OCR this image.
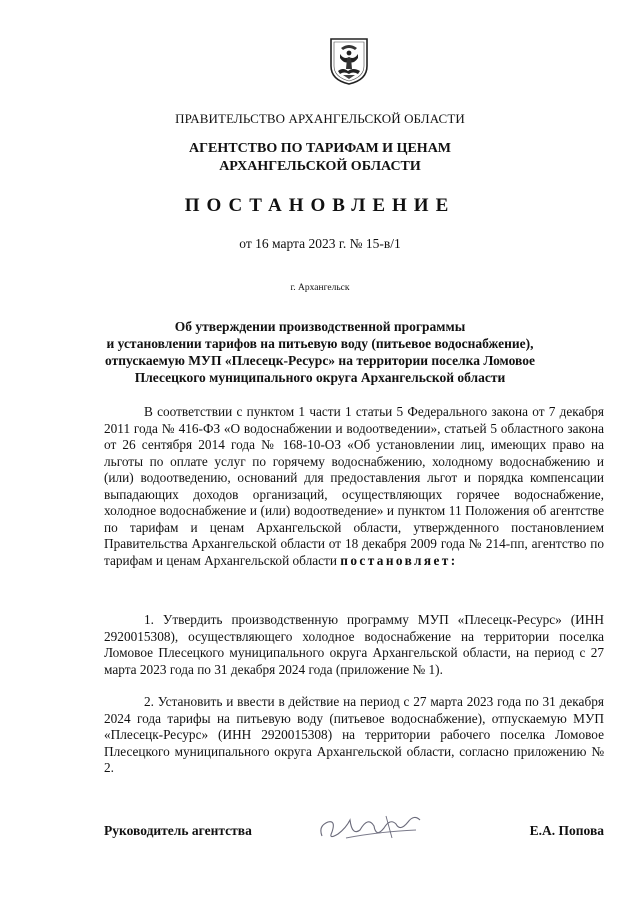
ПРАВИТЕЛЬСТВО АРХАНГЕЛЬСКОЙ ОБЛАСТИ
АГЕНТСТВО ПО ТАРИФАМ И ЦЕНАМ
АРХАНГЕЛЬСКОЙ ОБЛАСТИ
ПОСТАНОВЛЕНИЕ
от 16 марта 2023 г. № 15-в/1
г. Архангельск
Об утверждении производственной программы
и установлении тарифов на питьевую воду (питьевое водоснабжение),
отпускаемую МУП «Плесецк-Ресурс» на территории поселка Ломовое
Плесецкого муниципального округа Архангельской области
В соответствии с пунктом 1 части 1 статьи 5 Федерального закона от 7 декабря 2011 года № 416-ФЗ «О водоснабжении и водоотведении», статьей 5 областного закона от 26 сентября 2014 года № 168-10-ОЗ «Об установлении лиц, имеющих право на льготы по оплате услуг по горячему водоснабжению, холодному водоснабжению и (или) водоотведению, оснований для предоставления льгот и порядка компенсации выпадающих доходов организаций, осуществляющих горячее водоснабжение, холодное водоснабжение и (или) водоотведение» и пунктом 11 Положения об агентстве по тарифам и ценам Архангельской области, утвержденного постановлением Правительства Архангельской области от 18 декабря 2009 года № 214-пп, агентство по тарифам и ценам Архангельской области постановляет:
1. Утвердить производственную программу МУП «Плесецк-Ресурс» (ИНН 2920015308), осуществляющего холодное водоснабжение на территории поселка Ломовое Плесецкого муниципального округа Архангельской области, на период с 27 марта 2023 года по 31 декабря 2024 года (приложение № 1).
2. Установить и ввести в действие на период с 27 марта 2023 года по 31 декабря 2024 года тарифы на питьевую воду (питьевое водоснабжение), отпускаемую МУП «Плесецк-Ресурс» (ИНН 2920015308) на территории рабочего поселка Ломовое Плесецкого муниципального округа Архангельской области, согласно приложению № 2.
Руководитель агентства	Е.А. Попова
